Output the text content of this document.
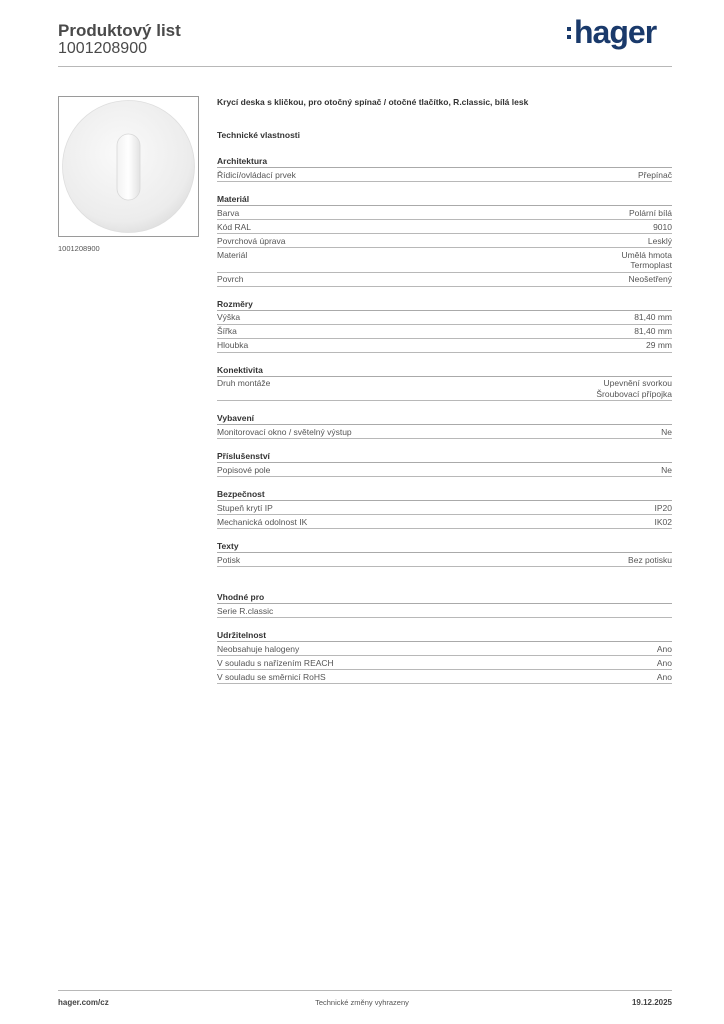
Produktový list
1001208900	hager
1001208900
Krycí deska s kličkou, pro otočný spínač / otočné tlačítko, R.classic, bílá lesk
Technické vlastnosti
Architektura
Řídicí/ovládací prvek	Přepínač
Materiál
Barva	Polární bílá
Kód RAL	9010
Povrchová úprava	Lesklý
Materiál	Umělá hmota
Termoplast
Povrch	Neošetřený
Rozměry
Výška	81,40 mm
Šířka	81,40 mm
Hloubka	29 mm
Konektivita
Druh montáže	Upevnění svorkou
Šroubovací přípojka
Vybavení
Monitorovací okno / světelný výstup	Ne
Příslušenství
Popisové pole	Ne
Bezpečnost
Stupeň krytí IP	IP20
Mechanická odolnost IK	IK02
Texty
Potisk	Bez potisku
Vhodné pro
Serie R.classic
Udržitelnost
Neobsahuje halogeny	Ano
V souladu s nařízením REACH	Ano
V souladu se směrnicí RoHS	Ano
hager.com/cz	Technické změny vyhrazeny	19.12.2025
